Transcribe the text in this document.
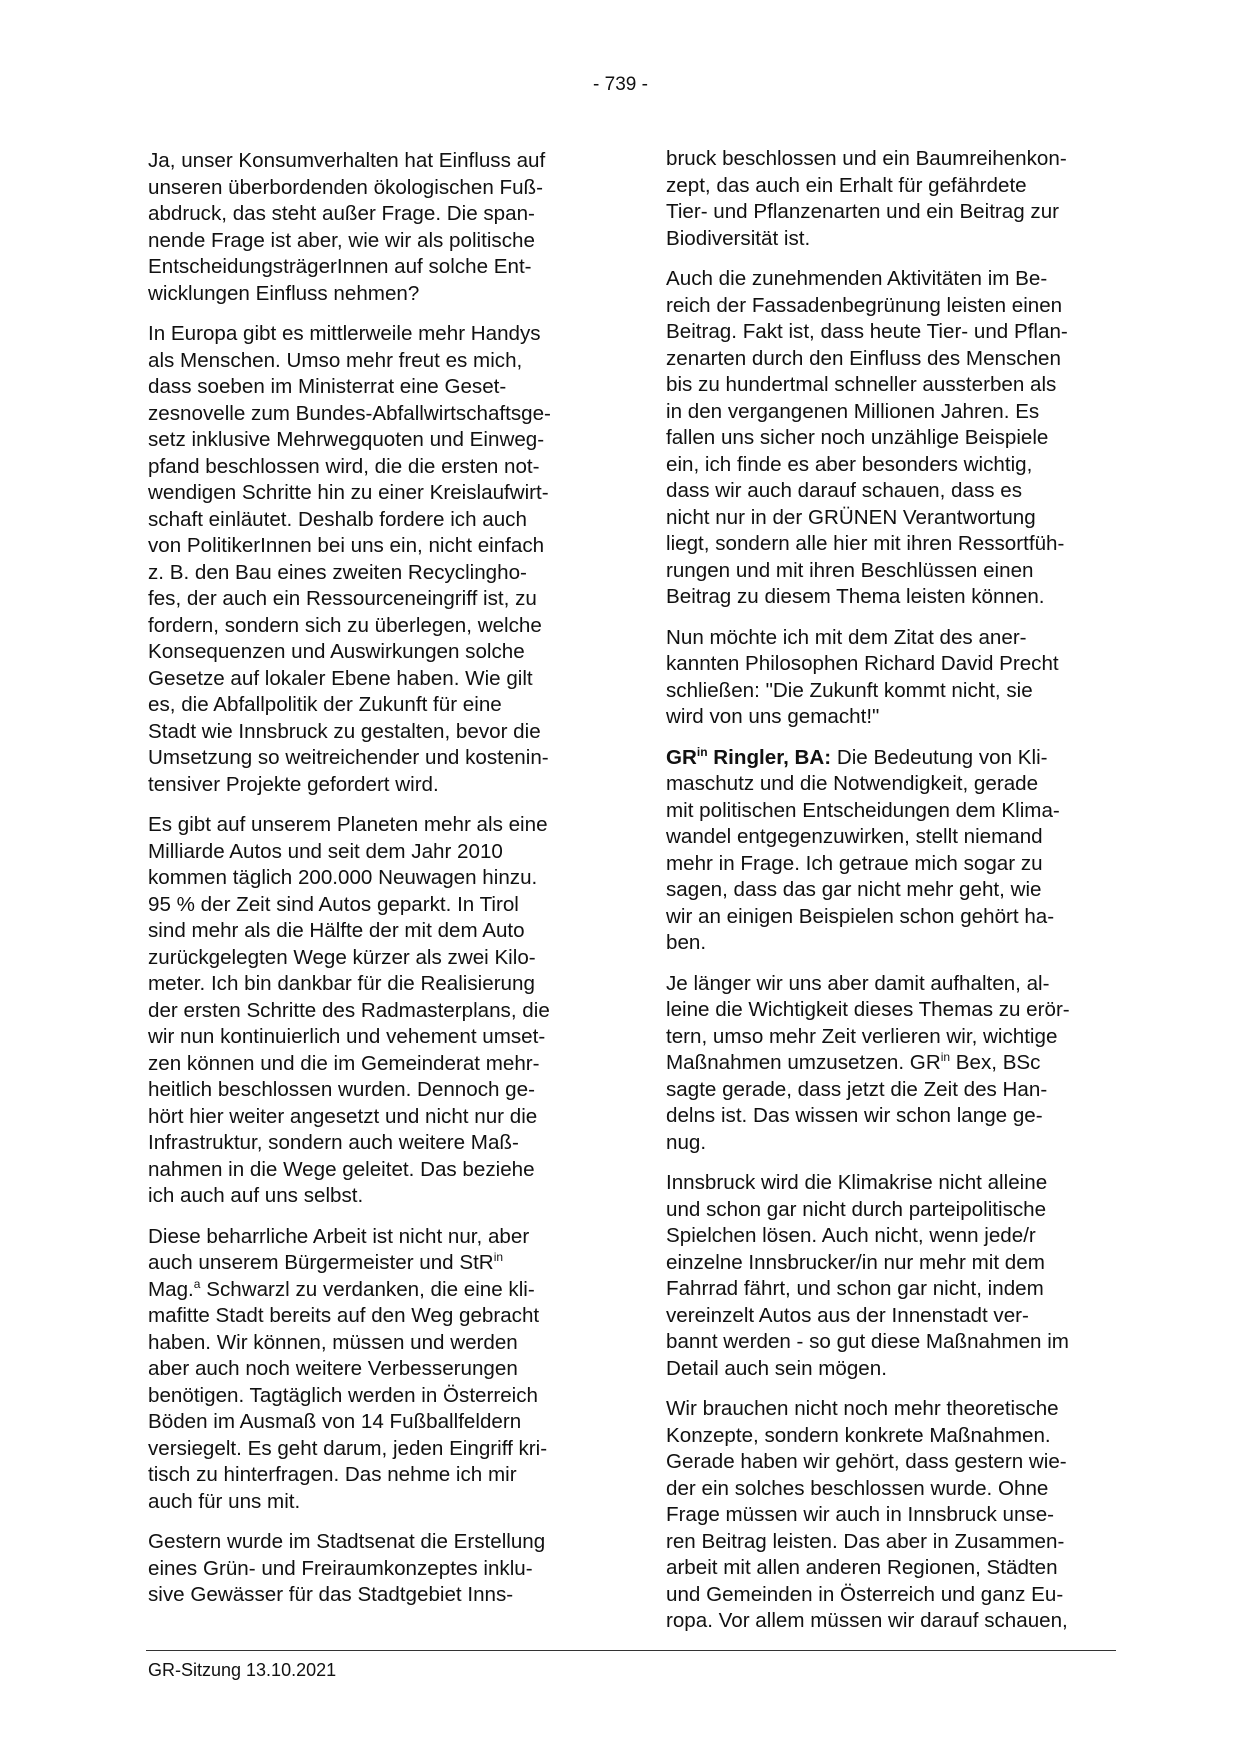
- 739 -

Ja, unser Konsumverhalten hat Einfluss auf
unseren überbordenden ökologischen Fuß-
abdruck, das steht außer Frage. Die span-
nende Frage ist aber, wie wir als politische
EntscheidungsträgerInnen auf solche Ent-
wicklungen Einfluss nehmen?

In Europa gibt es mittlerweile mehr Handys
als Menschen. Umso mehr freut es mich,
dass soeben im Ministerrat eine Geset-
zesnovelle zum Bundes-Abfallwirtschaftsge-
setz inklusive Mehrwegquoten und Einweg-
pfand beschlossen wird, die die ersten not-
wendigen Schritte hin zu einer Kreislaufwirt-
schaft einläutet. Deshalb fordere ich auch
von PolitikerInnen bei uns ein, nicht einfach
z. B. den Bau eines zweiten Recyclingho-
fes, der auch ein Ressourceneingriff ist, zu
fordern, sondern sich zu überlegen, welche
Konsequenzen und Auswirkungen solche
Gesetze auf lokaler Ebene haben. Wie gilt
es, die Abfallpolitik der Zukunft für eine
Stadt wie Innsbruck zu gestalten, bevor die
Umsetzung so weitreichender und kostenin-
tensiver Projekte gefordert wird.

Es gibt auf unserem Planeten mehr als eine
Milliarde Autos und seit dem Jahr 2010
kommen täglich 200.000 Neuwagen hinzu.
95 % der Zeit sind Autos geparkt. In Tirol
sind mehr als die Hälfte der mit dem Auto
zurückgelegten Wege kürzer als zwei Kilo-
meter. Ich bin dankbar für die Realisierung
der ersten Schritte des Radmasterplans, die
wir nun kontinuierlich und vehement umset-
zen können und die im Gemeinderat mehr-
heitlich beschlossen wurden. Dennoch ge-
hört hier weiter angesetzt und nicht nur die
Infrastruktur, sondern auch weitere Maß-
nahmen in die Wege geleitet. Das beziehe
ich auch auf uns selbst.

Diese beharrliche Arbeit ist nicht nur, aber
auch unserem Bürgermeister und StR$^{in}$
Mag.$^a$ Schwarzl zu verdanken, die eine kli-
mafitte Stadt bereits auf den Weg gebracht
haben. Wir können, müssen und werden
aber auch noch weitere Verbesserungen
benötigen. Tagtäglich werden in Österreich
Böden im Ausmaß von 14 Fußballfeldern
versiegelt. Es geht darum, jeden Eingriff kri-
tisch zu hinterfragen. Das nehme ich mir
auch für uns mit.

Gestern wurde im Stadtsenat die Erstellung
eines Grün- und Freiraumkonzeptes inklu-
sive Gewässer für das Stadtgebiet Inns-

bruck beschlossen und ein Baumreihenkon-
zept, das auch ein Erhalt für gefährdete
Tier- und Pflanzenarten und ein Beitrag zur
Biodiversität ist.

Auch die zunehmenden Aktivitäten im Be-
reich der Fassadenbegrünung leisten einen
Beitrag. Fakt ist, dass heute Tier- und Pflan-
zenarten durch den Einfluss des Menschen
bis zu hundertmal schneller aussterben als
in den vergangenen Millionen Jahren. Es
fallen uns sicher noch unzählige Beispiele
ein, ich finde es aber besonders wichtig,
dass wir auch darauf schauen, dass es
nicht nur in der GRÜNEN Verantwortung
liegt, sondern alle hier mit ihren Ressortfüh-
rungen und mit ihren Beschlüssen einen
Beitrag zu diesem Thema leisten können.

Nun möchte ich mit dem Zitat des aner-
kannten Philosophen Richard David Precht
schließen: "Die Zukunft kommt nicht, sie
wird von uns gemacht!"

$GR^{in}$ Ringler, BA: Die Bedeutung von Kli-
maschutz und die Notwendigkeit, gerade
mit politischen Entscheidungen dem Klima-
wandel entgegenzuwirken, stellt niemand
mehr in Frage. Ich getraue mich sogar zu
sagen, dass das gar nicht mehr geht, wie
wir an einigen Beispielen schon gehört ha-
ben.

Je länger wir uns aber damit aufhalten, al-
leine die Wichtigkeit dieses Themas zu erör-
tern, umso mehr Zeit verlieren wir, wichtige
Maßnahmen umzusetzen. $GR^{in}$ Bex, BSc
sagte gerade, dass jetzt die Zeit des Han-
delns ist. Das wissen wir schon lange ge-
nug.

Innsbruck wird die Klimakrise nicht alleine
und schon gar nicht durch parteipolitische
Spielchen lösen. Auch nicht, wenn jede/r
einzelne Innsbrucker/in nur mehr mit dem
Fahrrad fährt, und schon gar nicht, indem
vereinzelt Autos aus der Innenstadt ver-
bannt werden - so gut diese Maßnahmen im
Detail auch sein mögen.

Wir brauchen nicht noch mehr theoretische
Konzepte, sondern konkrete Maßnahmen.
Gerade haben wir gehört, dass gestern wie-
der ein solches beschlossen wurde. Ohne
Frage müssen wir auch in Innsbruck unse-
ren Beitrag leisten. Das aber in Zusammen-
arbeit mit allen anderen Regionen, Städten
und Gemeinden in Österreich und ganz Eu-
ropa. Vor allem müssen wir darauf schauen,

GR-Sitzung 13.10.2021
